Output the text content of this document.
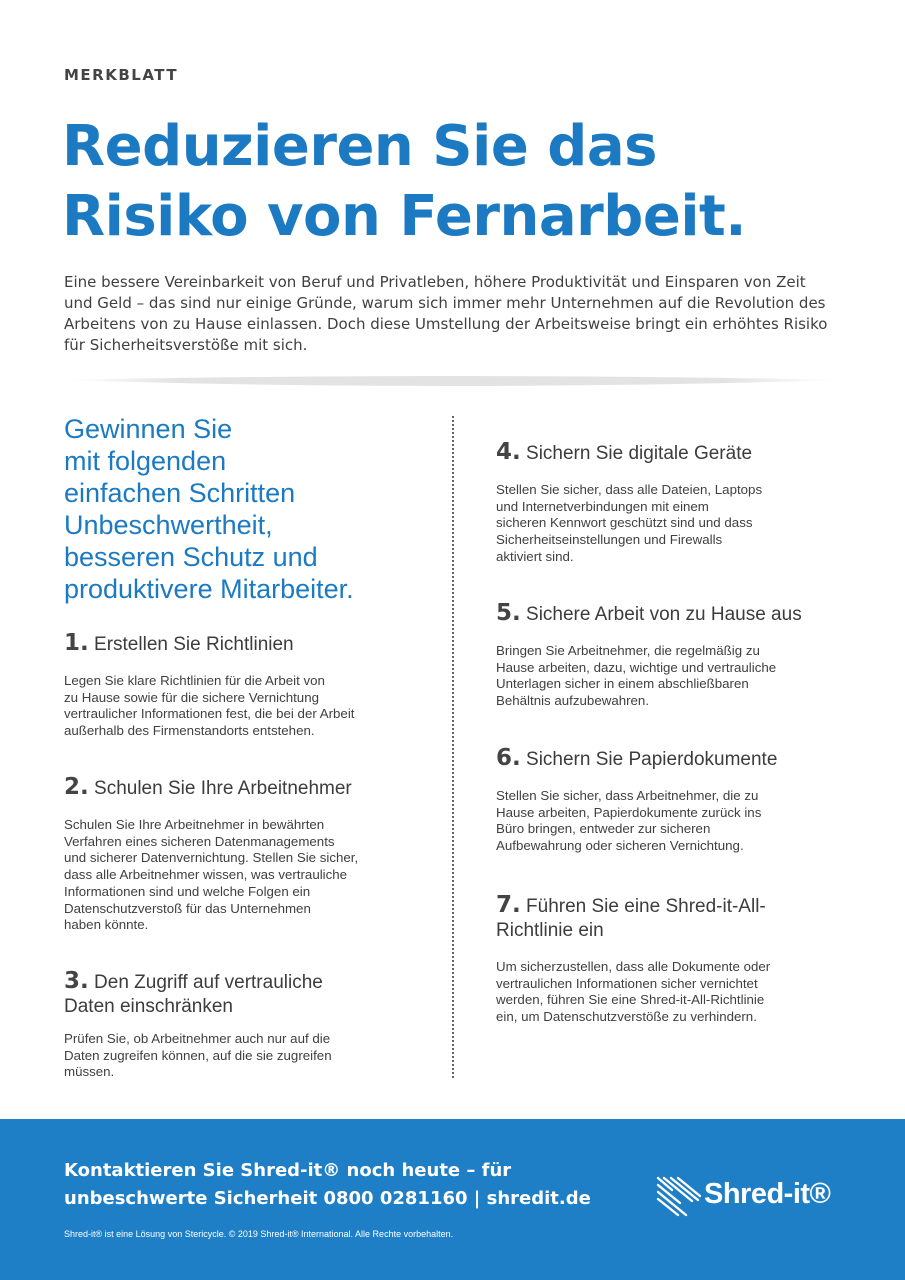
MERKBLATT
Reduzieren Sie das
Risiko von Fernarbeit.

Eine bessere Vereinbarkeit von Beruf und Privatleben, höhere Produktivität und Einsparen von Zeit
und Geld – das sind nur einige Gründe, warum sich immer mehr Unternehmen auf die Revolution des
Arbeitens von zu Hause einlassen. Doch diese Umstellung der Arbeitsweise bringt ein erhöhtes Risiko
für Sicherheitsverstöße mit sich.

Gewinnen Sie
mit folgenden
einfachen Schritten
Unbeschwertheit,
besseren Schutz und
produktivere Mitarbeiter.
1. Erstellen Sie Richtlinien

Legen Sie klare Richtlinien für die Arbeit von
zu Hause sowie für die sichere Vernichtung
vertraulicher Informationen fest, die bei der Arbeit
außerhalb des Firmenstandorts entstehen.

2. Schulen Sie Ihre Arbeitnehmer

Schulen Sie Ihre Arbeitnehmer in bewährten
Verfahren eines sicheren Datenmanagements
und sicherer Datenvernichtung. Stellen Sie sicher,
dass alle Arbeitnehmer wissen, was vertrauliche
Informationen sind und welche Folgen ein
Datenschutzverstoß für das Unternehmen
haben könnte.

3. Den Zugriff auf vertrauliche
Daten einschränken

Prüfen Sie, ob Arbeitnehmer auch nur auf die
Daten zugreifen können, auf die sie zugreifen
müssen.

4. Sichern Sie digitale Geräte

Stellen Sie sicher, dass alle Dateien, Laptops
und Internetverbindungen mit einem
sicheren Kennwort geschützt sind und dass
Sicherheitseinstellungen und Firewalls
aktiviert sind.

5. Sichere Arbeit von zu Hause aus

Bringen Sie Arbeitnehmer, die regelmäßig zu
Hause arbeiten, dazu, wichtige und vertrauliche
Unterlagen sicher in einem abschließbaren
Behältnis aufzubewahren.

6. Sichern Sie Papierdokumente

Stellen Sie sicher, dass Arbeitnehmer, die zu
Hause arbeiten, Papierdokumente zurück ins
Büro bringen, entweder zur sicheren
Aufbewahrung oder sicheren Vernichtung.

7. Führen Sie eine Shred-it-All-
Richtlinie ein

Um sicherzustellen, dass alle Dokumente oder
vertraulichen Informationen sicher vernichtet
werden, führen Sie eine Shred-it-All-Richtlinie
ein, um Datenschutzverstöße zu verhindern.

Kontaktieren Sie Shred-it® noch heute – für
unbeschwerte Sicherheit 0800 0281160 | shredit.de

Shred-it® ist eine Lösung von Stericycle. © 2019 Shred-it® International. Alle Rechte vorbehalten.
Shred-it®
